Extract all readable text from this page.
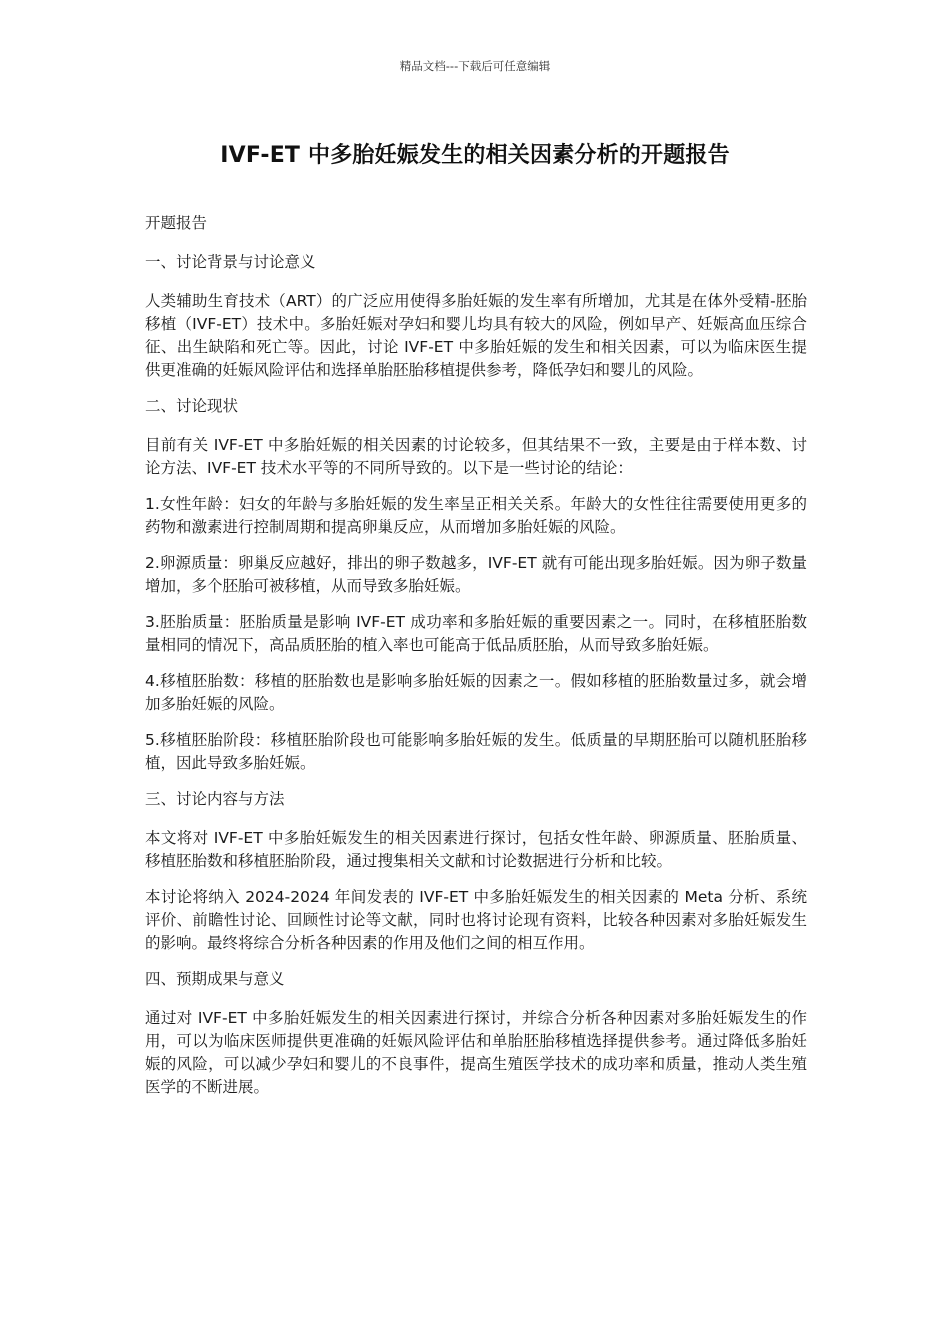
精品文档---下载后可任意编辑
IVF-ET 中多胎妊娠发生的相关因素分析的开题报告

开题报告

一、讨论背景与讨论意义

人类辅助生育技术（ART）的广泛应用使得多胎妊娠的发生率有所增加，尤其是在体外受精-胚胎移植（IVF-ET）技术中。多胎妊娠对孕妇和婴儿均具有较大的风险，例如早产、妊娠高血压综合征、出生缺陷和死亡等。因此，讨论 IVF-ET 中多胎妊娠的发生和相关因素，可以为临床医生提供更准确的妊娠风险评估和选择单胎胚胎移植提供参考，降低孕妇和婴儿的风险。

二、讨论现状

目前有关 IVF-ET 中多胎妊娠的相关因素的讨论较多，但其结果不一致，主要是由于样本数、讨论方法、IVF-ET 技术水平等的不同所导致的。以下是一些讨论的结论：

1.女性年龄：妇女的年龄与多胎妊娠的发生率呈正相关关系。年龄大的女性往往需要使用更多的药物和激素进行控制周期和提高卵巢反应，从而增加多胎妊娠的风险。

2.卵源质量：卵巢反应越好，排出的卵子数越多，IVF-ET 就有可能出现多胎妊娠。因为卵子数量增加，多个胚胎可被移植，从而导致多胎妊娠。

3.胚胎质量：胚胎质量是影响 IVF-ET 成功率和多胎妊娠的重要因素之一。同时，在移植胚胎数量相同的情况下，高品质胚胎的植入率也可能高于低品质胚胎，从而导致多胎妊娠。

4.移植胚胎数：移植的胚胎数也是影响多胎妊娠的因素之一。假如移植的胚胎数量过多，就会增加多胎妊娠的风险。

5.移植胚胎阶段：移植胚胎阶段也可能影响多胎妊娠的发生。低质量的早期胚胎可以随机胚胎移植，因此导致多胎妊娠。

三、讨论内容与方法

本文将对 IVF-ET 中多胎妊娠发生的相关因素进行探讨，包括女性年龄、卵源质量、胚胎质量、移植胚胎数和移植胚胎阶段，通过搜集相关文献和讨论数据进行分析和比较。

本讨论将纳入 2024-2024 年间发表的 IVF-ET 中多胎妊娠发生的相关因素的 Meta 分析、系统评价、前瞻性讨论、回顾性讨论等文献，同时也将讨论现有资料，比较各种因素对多胎妊娠发生的影响。最终将综合分析各种因素的作用及他们之间的相互作用。

四、预期成果与意义

通过对 IVF-ET 中多胎妊娠发生的相关因素进行探讨，并综合分析各种因素对多胎妊娠发生的作用，可以为临床医师提供更准确的妊娠风险评估和单胎胚胎移植选择提供参考。通过降低多胎妊娠的风险，可以减少孕妇和婴儿的不良事件，提高生殖医学技术的成功率和质量，推动人类生殖医学的不断进展。
